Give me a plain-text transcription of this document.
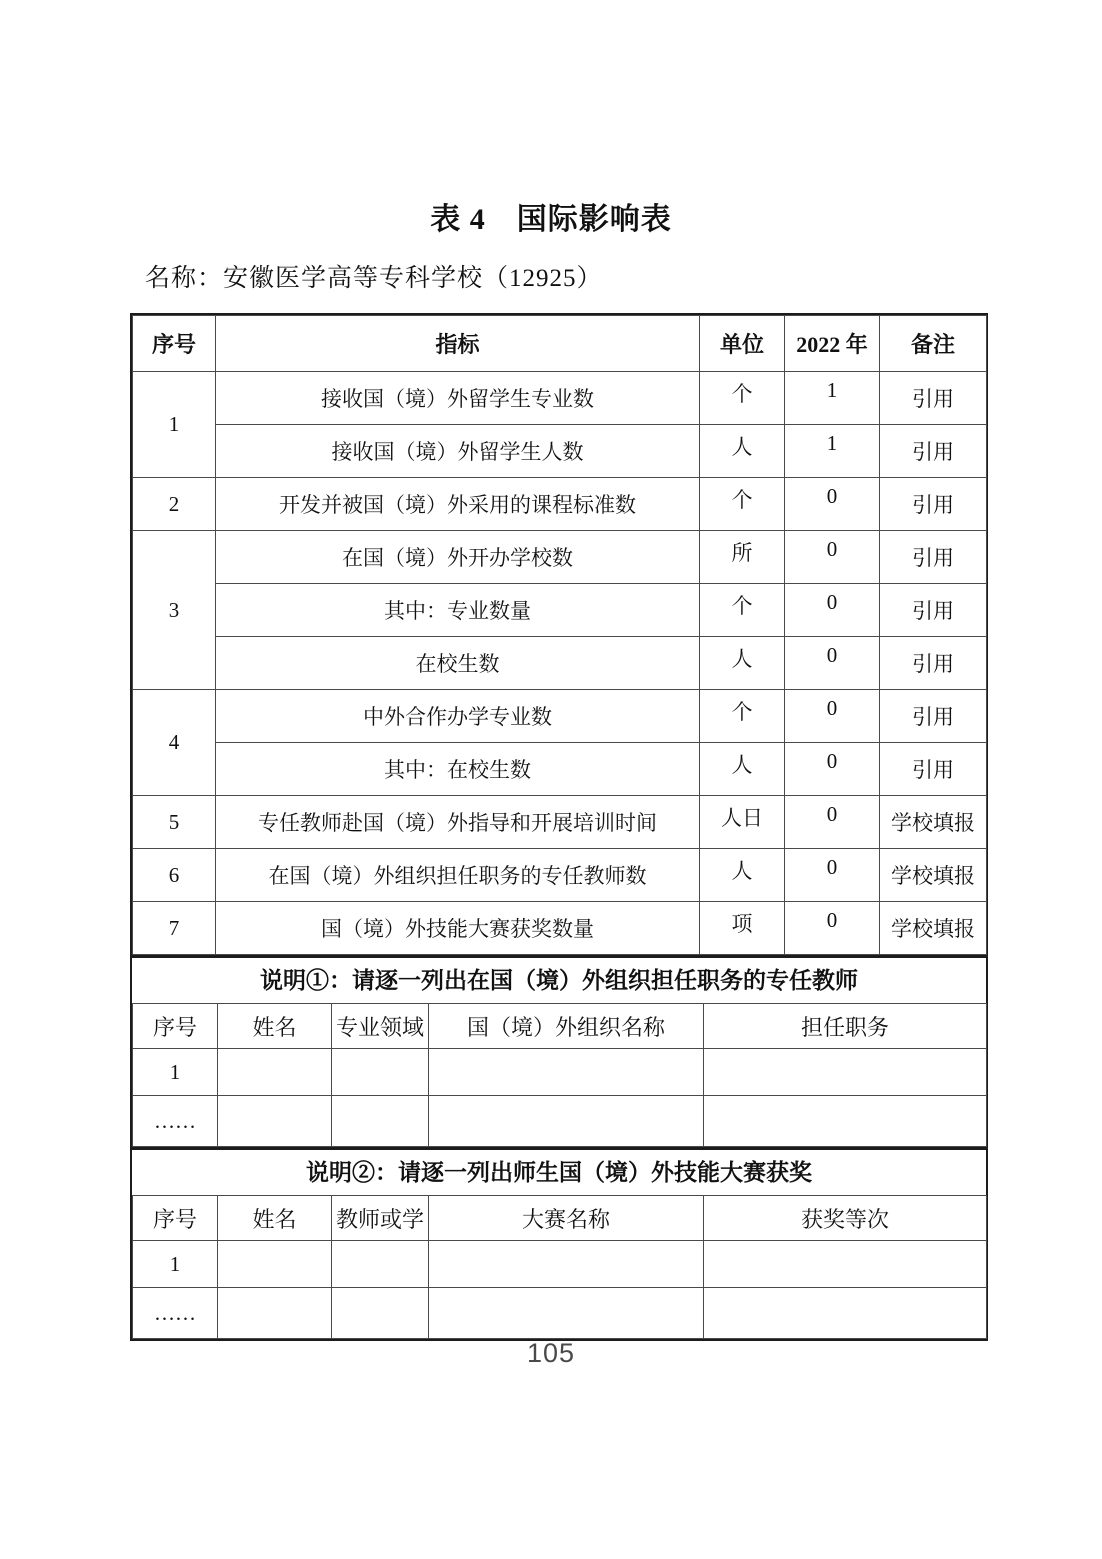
表 4　国际影响表
名称：安徽医学高等专科学校（12925）
序号	指标	单位	2022 年	备注
1	接收国（境）外留学生专业数	个	1	引用
	接收国（境）外留学生人数	人	1	引用
2	开发并被国（境）外采用的课程标准数	个	0	引用
3	在国（境）外开办学校数	所	0	引用
	其中：专业数量	个	0	引用
	在校生数	人	0	引用
4	中外合作办学专业数	个	0	引用
	其中：在校生数	人	0	引用
5	专任教师赴国（境）外指导和开展培训时间	人日	0	学校填报
6	在国（境）外组织担任职务的专任教师数	人	0	学校填报
7	国（境）外技能大赛获奖数量	项	0	学校填报
说明①：请逐一列出在国（境）外组织担任职务的专任教师
序号	姓名	专业领域	国（境）外组织名称	担任职务
1				
……				
说明②：请逐一列出师生国（境）外技能大赛获奖
序号	姓名	教师或学	大赛名称	获奖等次
1				
……				
105
